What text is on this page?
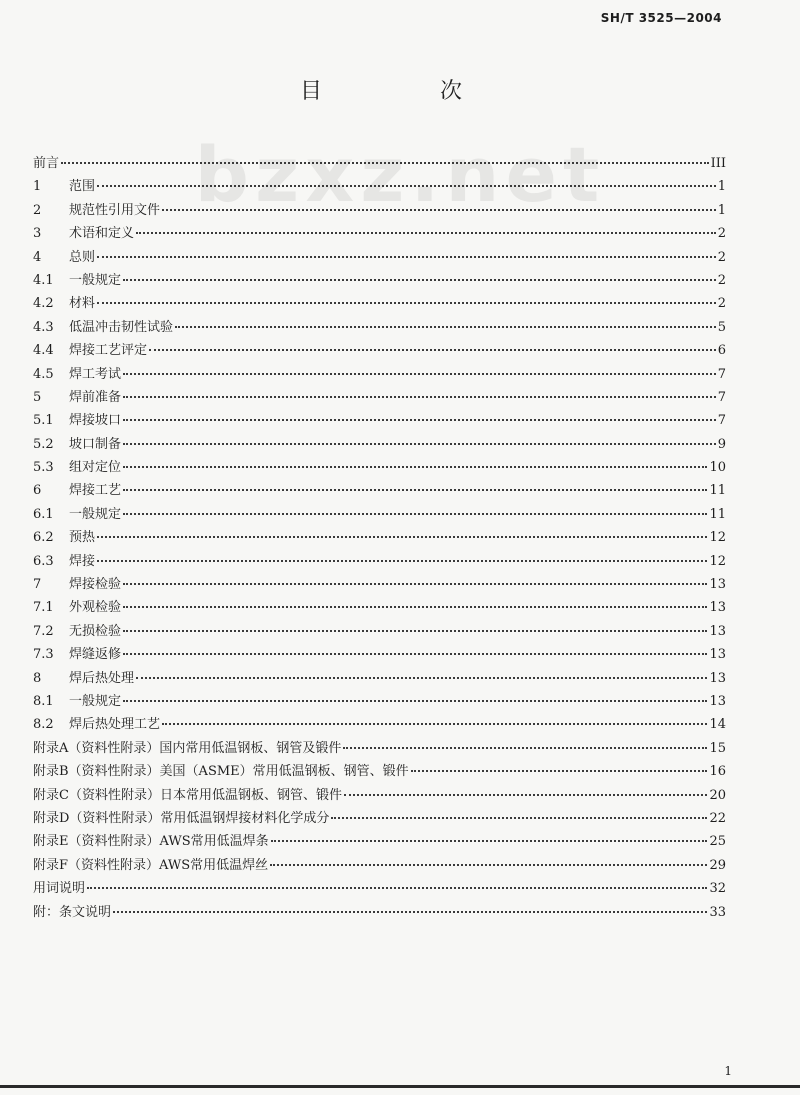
SH/T 3525—2004
目	次
bzxz.net
前言	III
1	范围	1
2	规范性引用文件	1
3	术语和定义	2
4	总则	2
4.1	一般规定	2
4.2	材料	2
4.3	低温冲击韧性试验	5
4.4	焊接工艺评定	6
4.5	焊工考试	7
5	焊前准备	7
5.1	焊接坡口	7
5.2	坡口制备	9
5.3	组对定位	10
6	焊接工艺	11
6.1	一般规定	11
6.2	预热	12
6.3	焊接	12
7	焊接检验	13
7.1	外观检验	13
7.2	无损检验	13
7.3	焊缝返修	13
8	焊后热处理	13
8.1	一般规定	13
8.2	焊后热处理工艺	14
附录A（资料性附录）国内常用低温钢板、钢管及锻件	15
附录B（资料性附录）美国（ASME）常用低温钢板、钢管、锻件	16
附录C（资料性附录）日本常用低温钢板、钢管、锻件	20
附录D（资料性附录）常用低温钢焊接材料化学成分	22
附录E（资料性附录）AWS常用低温焊条	25
附录F（资料性附录）AWS常用低温焊丝	29
用词说明	32
附：条文说明	33
1
